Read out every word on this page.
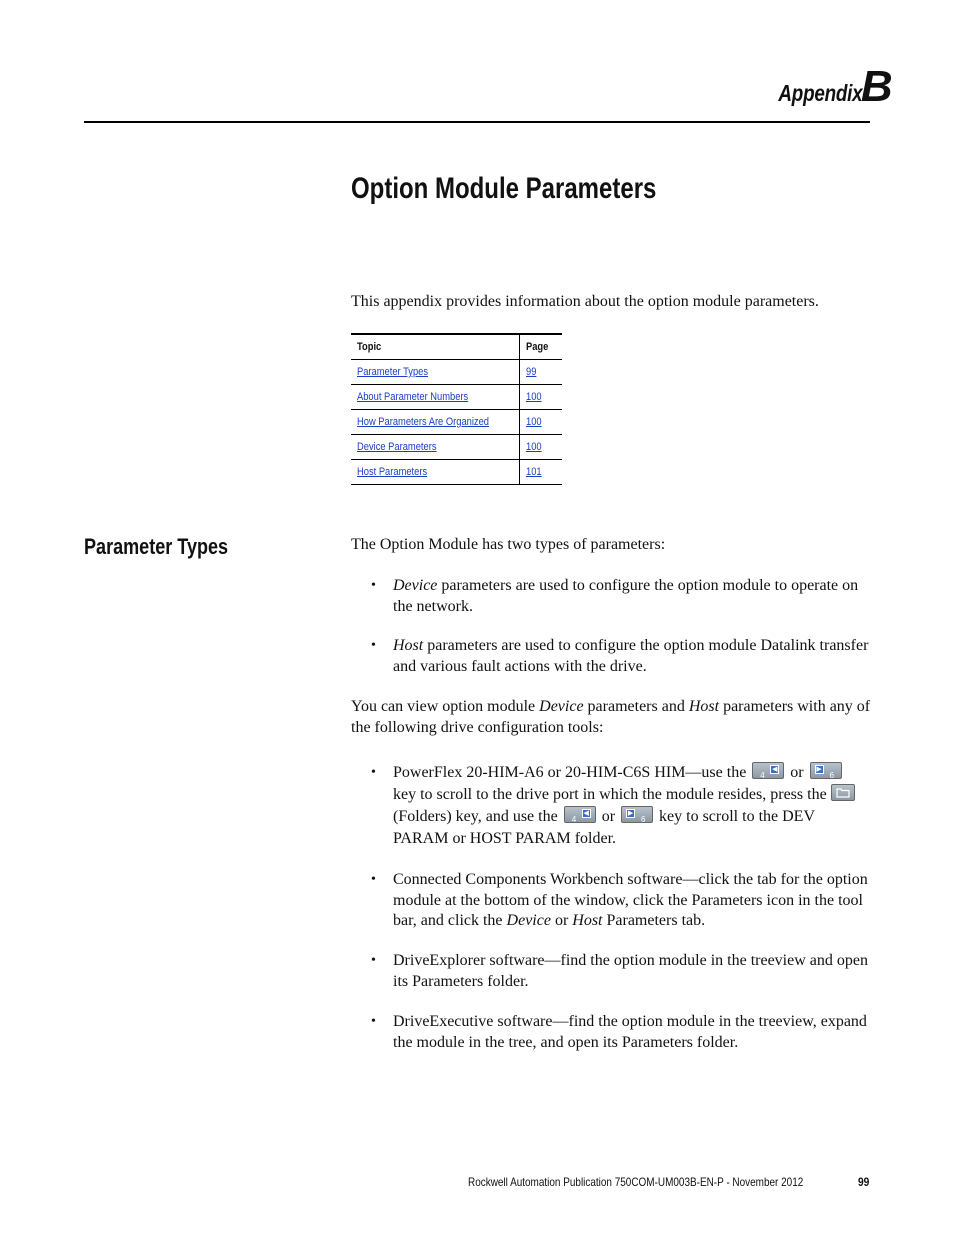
Appendix B
Option Module Parameters

This appendix provides information about the option module parameters.

Topic	Page
Parameter Types	99
About Parameter Numbers	100
How Parameters Are Organized	100
Device Parameters	100
Host Parameters	101
Parameter Types	The Option Module has two types of parameters:

• Device parameters are used to configure the option module to operate on the network.
• Host parameters are used to configure the option module Datalink transfer and various fault actions with the drive.

You can view option module Device parameters and Host parameters with any of the following drive configuration tools:

• PowerFlex 20-HIM-A6 or 20-HIM-C6S HIM—use the 4
◀ or ▶
6
key to scroll to the drive port in which the module resides, press the
(Folders) key, and use the 4
◀ or ▶
6 key to scroll to the DEV PARAM or HOST PARAM folder.
• Connected Components Workbench software—click the tab for the option module at the bottom of the window, click the Parameters icon in the tool bar, and click the Device or Host Parameters tab.
• DriveExplorer software—find the option module in the treeview and open its Parameters folder.
• DriveExecutive software—find the option module in the treeview, expand the module in the tree, and open its Parameters folder.
Rockwell Automation Publication 750COM-UM003B-EN-P - November 2012	99
